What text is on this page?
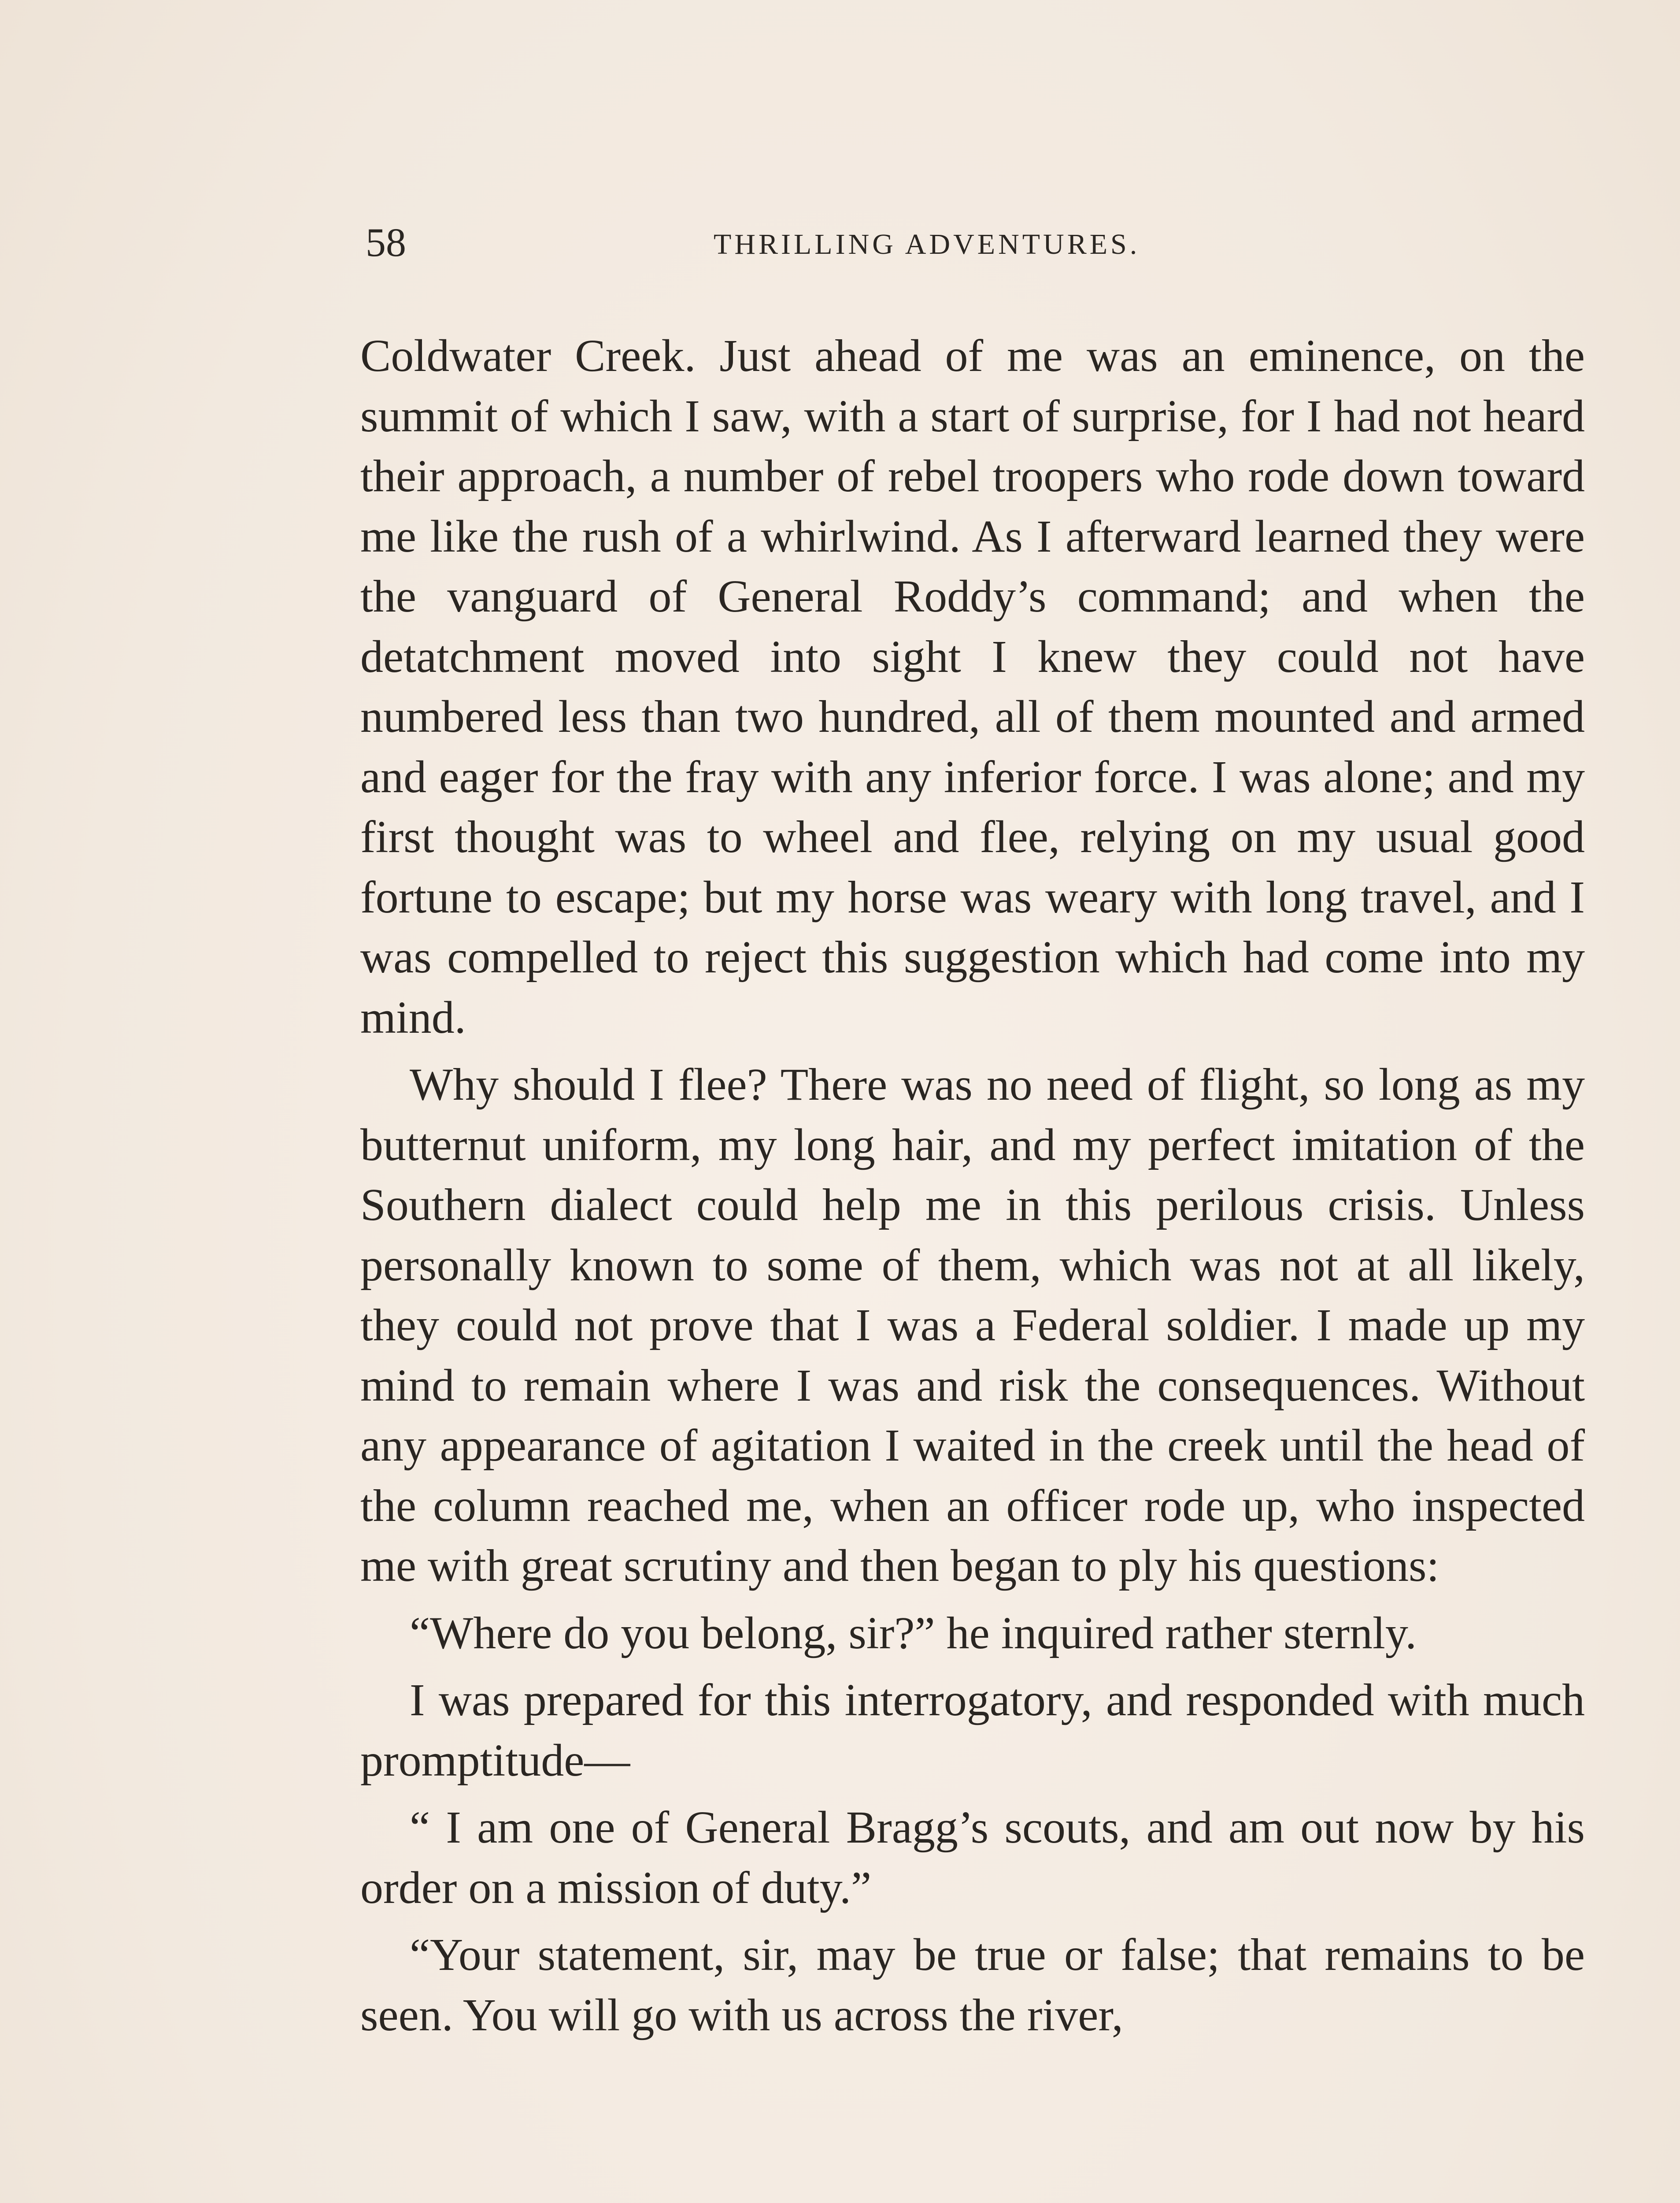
58	THRILLING ADVENTURES.

Coldwater Creek. Just ahead of me was an eminence, on the summit of which I saw, with a start of surprise, for I had not heard their approach, a number of rebel troopers who rode down toward me like the rush of a whirlwind. As I afterward learned they were the vanguard of General Roddy’s command; and when the detatchment moved into sight I knew they could not have numbered less than two hundred, all of them mounted and armed and eager for the fray with any inferior force. I was alone; and my first thought was to wheel and flee, relying on my usual good fortune to escape; but my horse was weary with long travel, and I was compelled to reject this suggestion which had come into my mind.

Why should I flee? There was no need of flight, so long as my butternut uniform, my long hair, and my perfect imitation of the Southern dialect could help me in this perilous crisis. Unless personally known to some of them, which was not at all likely, they could not prove that I was a Federal soldier. I made up my mind to remain where I was and risk the consequences. Without any appearance of agitation I waited in the creek until the head of the column reached me, when an officer rode up, who inspected me with great scrutiny and then began to ply his questions:

“Where do you belong, sir?” he inquired rather sternly.

I was prepared for this interrogatory, and responded with much promptitude—

“ I am one of General Bragg’s scouts, and am out now by his order on a mission of duty.”

“Your statement, sir, may be true or false; that remains to be seen. You will go with us across the river,
